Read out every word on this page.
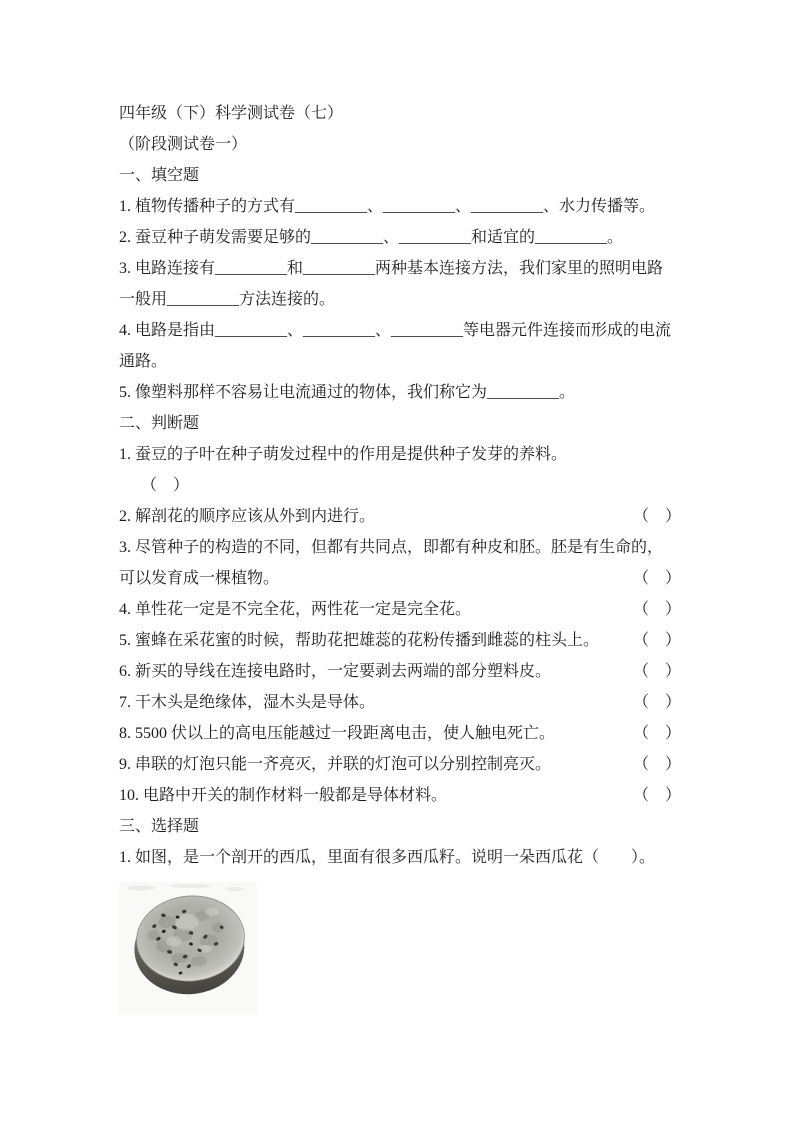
四年级（下）科学测试卷（七）

（阶段测试卷一）

一、填空题

1. 植物传播种子的方式有_________、_________、_________、水力传播等。

2. 蚕豆种子萌发需要足够的_________、_________和适宜的_________。

3. 电路连接有_________和_________两种基本连接方法，我们家里的照明电路一般用_________方法连接的。

4. 电路是指由_________、_________、_________等电器元件连接而形成的电流通路。

5. 像塑料那样不容易让电流通过的物体，我们称它为_________。

二、判断题

1. 蚕豆的子叶在种子萌发过程中的作用是提供种子发芽的养料。
（　）
2. 解剖花的顺序应该从外到内进行。	（　）
3. 尽管种子的构造的不同，但都有共同点，即都有种皮和胚。胚是有生命的，可以发育成一棵植物。	（　）
4. 单性花一定是不完全花，两性花一定是完全花。	（　）
5. 蜜蜂在采花蜜的时候，帮助花把雄蕊的花粉传播到雌蕊的柱头上。 （　）
6. 新买的导线在连接电路时，一定要剥去两端的部分塑料皮。	（　）
7. 干木头是绝缘体，湿木头是导体。	（　）
8. 5500 伏以上的高电压能越过一段距离电击，使人触电死亡。	（　）
9. 串联的灯泡只能一齐亮灭，并联的灯泡可以分别控制亮灭。	（　）
10. 电路中开关的制作材料一般都是导体材料。	（　）

三、选择题

1. 如图，是一个剖开的西瓜，里面有很多西瓜籽。说明一朵西瓜花（　　）。
